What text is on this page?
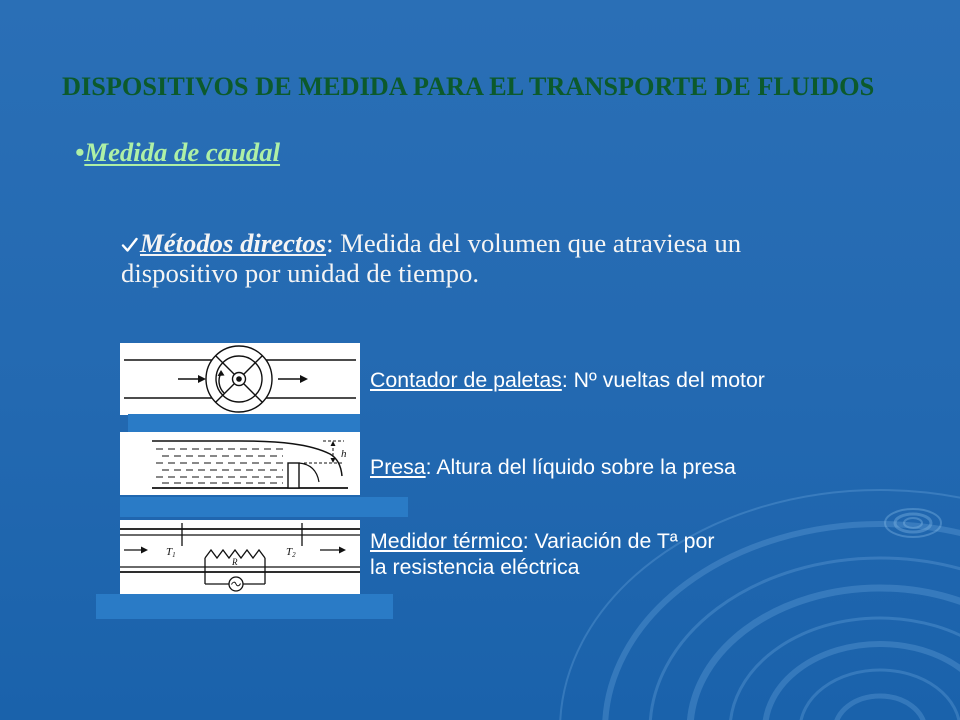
DISPOSITIVOS DE MEDIDA PARA EL TRANSPORTE DE FLUIDOS
•Medida de caudal
Métodos directos: Medida del volumen que atraviesa un
dispositivo por unidad de tiempo.
h
T1	T2
R
Contador de paletas: Nº vueltas del motor
Presa: Altura del líquido sobre la presa
Medidor térmico: Variación de Tª por
la resistencia eléctrica
